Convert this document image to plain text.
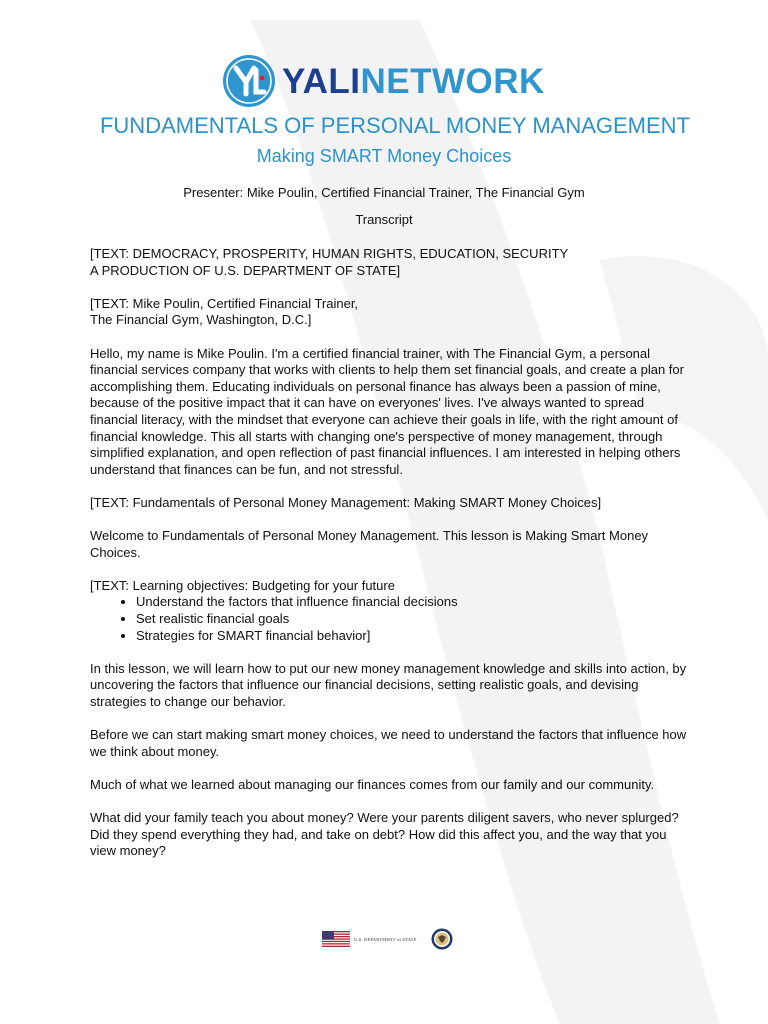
YALINETWORK
FUNDAMENTALS OF PERSONAL MONEY MANAGEMENT
Making SMART Money Choices
Presenter: Mike Poulin, Certified Financial Trainer, The Financial Gym
Transcript

[TEXT: DEMOCRACY, PROSPERITY, HUMAN RIGHTS, EDUCATION, SECURITY
A PRODUCTION OF U.S. DEPARTMENT OF STATE]

[TEXT: Mike Poulin, Certified Financial Trainer,
The Financial Gym, Washington, D.C.]

Hello, my name is Mike Poulin. I'm a certified financial trainer, with The Financial Gym, a personal financial services company that works with clients to help them set financial goals, and create a plan for accomplishing them. Educating individuals on personal finance has always been a passion of mine, because of the positive impact that it can have on everyones' lives. I've always wanted to spread financial literacy, with the mindset that everyone can achieve their goals in life, with the right amount of financial knowledge. This all starts with changing one's perspective of money management, through simplified explanation, and open reflection of past financial influences. I am interested in helping others understand that finances can be fun, and not stressful.

[TEXT: Fundamentals of Personal Money Management: Making SMART Money Choices]

Welcome to Fundamentals of Personal Money Management. This lesson is Making Smart Money Choices.

[TEXT: Learning objectives: Budgeting for your future

• Understand the factors that influence financial decisions
• Set realistic financial goals
• Strategies for SMART financial behavior]

In this lesson, we will learn how to put our new money management knowledge and skills into action, by uncovering the factors that influence our financial decisions, setting realistic goals, and devising strategies to change our behavior.

Before we can start making smart money choices, we need to understand the factors that influence how we think about money.

Much of what we learned about managing our finances comes from our family and our community.

What did your family teach you about money? Were your parents diligent savers, who never splurged? Did they spend everything they had, and take on debt? How did this affect you, and the way that you view money?

U.S. DEPARTMENT of STATE
